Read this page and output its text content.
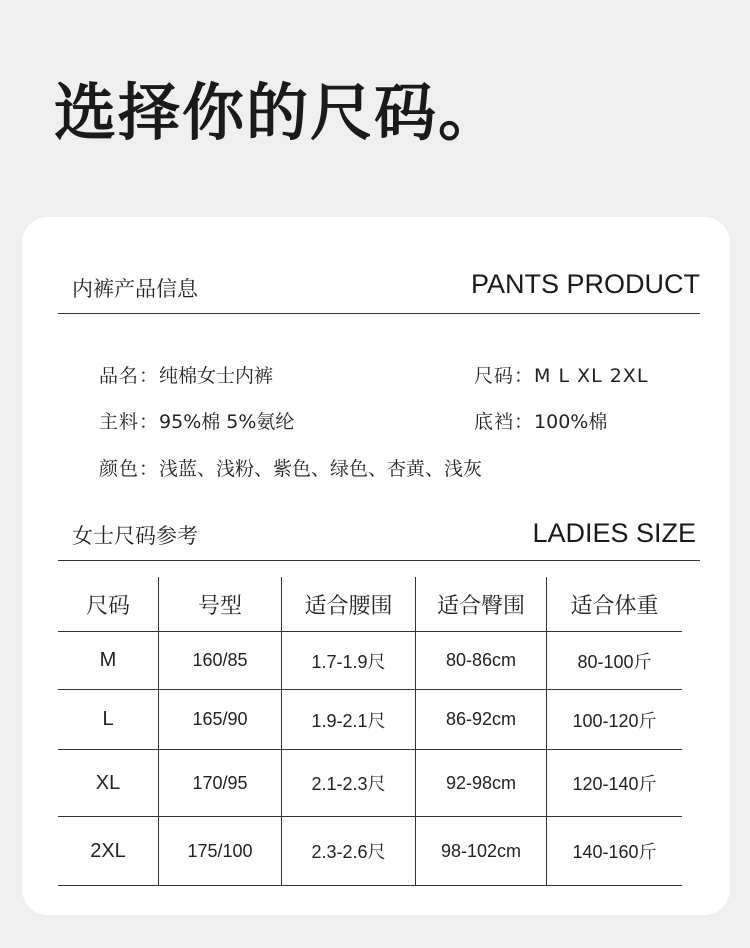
选择你的尺码。
内裤产品信息	PANTS PRODUCT
品名：纯棉女士内裤	尺码：M L XL 2XL
主料：95%棉 5%氨纶	底裆：100%棉
颜色：浅蓝、浅粉、紫色、绿色、杏黄、浅灰
女士尺码参考	LADIES SIZE
尺码	号型	适合腰围	适合臀围	适合体重
M	160/85	1.7-1.9尺	80-86cm	80-100斤
L	165/90	1.9-2.1尺	86-92cm	100-120斤
XL	170/95	2.1-2.3尺	92-98cm	120-140斤
2XL	175/100	2.3-2.6尺	98-102cm	140-160斤
